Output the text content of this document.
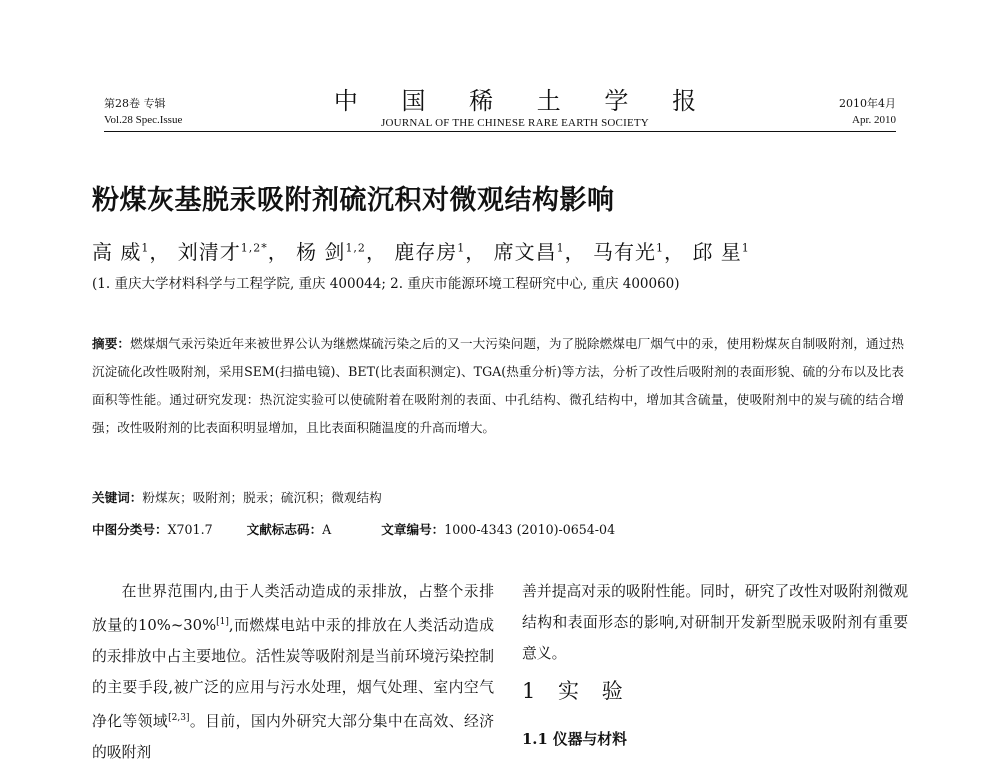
第28卷 专辑
Vol.28 Spec.Issue
中 国 稀 土 学 报
JOURNAL OF THE CHINESE RARE EARTH SOCIETY
2010年4月
Apr. 2010
粉煤灰基脱汞吸附剂硫沉积对微观结构影响
高 威$^1$， 刘清才$^{1,2*}$， 杨 剑$^{1,2}$， 鹿存房$^1$， 席文昌$^1$， 马有光$^1$， 邱 星$^1$
(1. 重庆大学材料科学与工程学院, 重庆 400044; 2. 重庆市能源环境工程研究中心, 重庆 400060)
摘要：燃煤烟气汞污染近年来被世界公认为继燃煤硫污染之后的又一大污染问题，为了脱除燃煤电厂烟气中的汞，使用粉煤灰自制吸附剂，通过热沉淀硫化改性吸附剂，采用SEM(扫描电镜)、BET(比表面积测定)、TGA(热重分析)等方法，分析了改性后吸附剂的表面形貌、硫的分布以及比表面积等性能。通过研究发现：热沉淀实验可以使硫附着在吸附剂的表面、中孔结构、微孔结构中，增加其含硫量，使吸附剂中的炭与硫的结合增强；改性吸附剂的比表面积明显增加，且比表面积随温度的升高而增大。
关键词：粉煤灰；吸附剂；脱汞；硫沉积；微观结构
中图分类号：X701.7	文献标志码：A	文章编号：1000-4343 (2010)-0654-04

在世界范围内,由于人类活动造成的汞排放，占整个汞排放量的10%~30%[1],而燃煤电站中汞的排放在人类活动造成的汞排放中占主要地位。活性炭等吸附剂是当前环境污染控制的主要手段,被广泛的应用与污水处理，烟气处理、室内空气净化等领域[2,3]。目前，国内外研究大部分集中在高效、经济的吸附剂

善并提高对汞的吸附性能。同时，研究了改性对吸附剂微观结构和表面形态的影响,对研制开发新型脱汞吸附剂有重要意义。

1 实 验
1.1 仪器与材料
